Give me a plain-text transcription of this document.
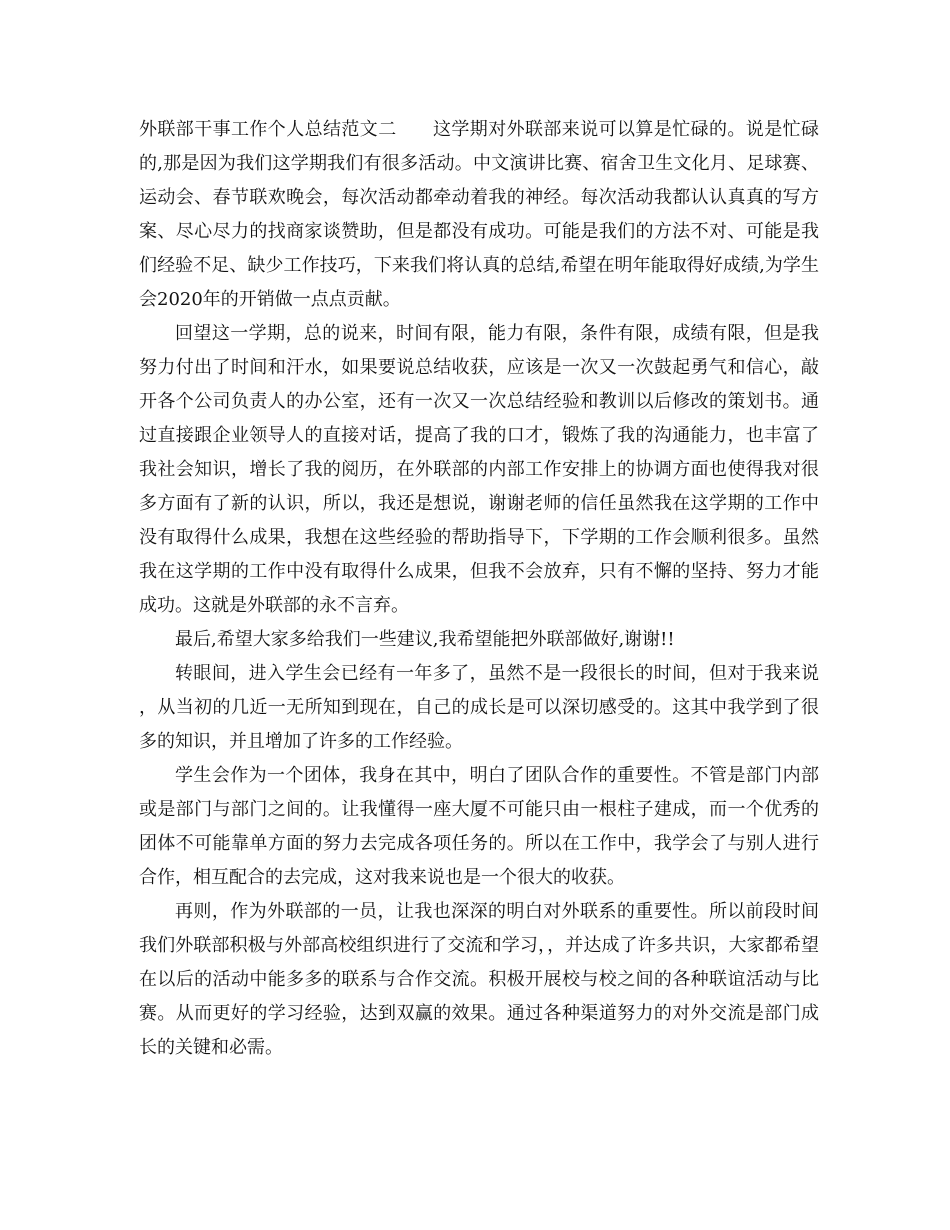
外联部干事工作个人总结范文二 这学期对外联部来说可以算是忙碌的。说是忙碌的,那是因为我们这学期我们有很多活动。中文演讲比赛、宿舍卫生文化月、足球赛、运动会、春节联欢晚会，每次活动都牵动着我的神经。每次活动我都认认真真的写方案、尽心尽力的找商家谈赞助，但是都没有成功。可能是我们的方法不对、可能是我们经验不足、缺少工作技巧，下来我们将认真的总结,希望在明年能取得好成绩,为学生会2020年的开销做一点点贡献。

回望这一学期，总的说来，时间有限，能力有限，条件有限，成绩有限，但是我努力付出了时间和汗水，如果要说总结收获，应该是一次又一次鼓起勇气和信心，敲开各个公司负责人的办公室，还有一次又一次总结经验和教训以后修改的策划书。通过直接跟企业领导人的直接对话，提高了我的口才，锻炼了我的沟通能力，也丰富了我社会知识，增长了我的阅历，在外联部的内部工作安排上的协调方面也使得我对很多方面有了新的认识，所以，我还是想说，谢谢老师的信任虽然我在这学期的工作中没有取得什么成果，我想在这些经验的帮助指导下，下学期的工作会顺利很多。虽然我在这学期的工作中没有取得什么成果，但我不会放弃，只有不懈的坚持、努力才能成功。这就是外联部的永不言弃。

最后,希望大家多给我们一些建议,我希望能把外联部做好,谢谢!!

转眼间，进入学生会已经有一年多了，虽然不是一段很长的时间，但对于我来说，从当初的几近一无所知到现在，自己的成长是可以深切感受的。这其中我学到了很多的知识，并且增加了许多的工作经验。

学生会作为一个团体，我身在其中，明白了团队合作的重要性。不管是部门内部或是部门与部门之间的。让我懂得一座大厦不可能只由一根柱子建成，而一个优秀的团体不可能靠单方面的努力去完成各项任务的。所以在工作中，我学会了与别人进行合作，相互配合的去完成，这对我来说也是一个很大的收获。

再则，作为外联部的一员，让我也深深的明白对外联系的重要性。所以前段时间我们外联部积极与外部高校组织进行了交流和学习，，并达成了许多共识，大家都希望在以后的活动中能多多的联系与合作交流。积极开展校与校之间的各种联谊活动与比赛。从而更好的学习经验，达到双赢的效果。通过各种渠道努力的对外交流是部门成长的关键和必需。
